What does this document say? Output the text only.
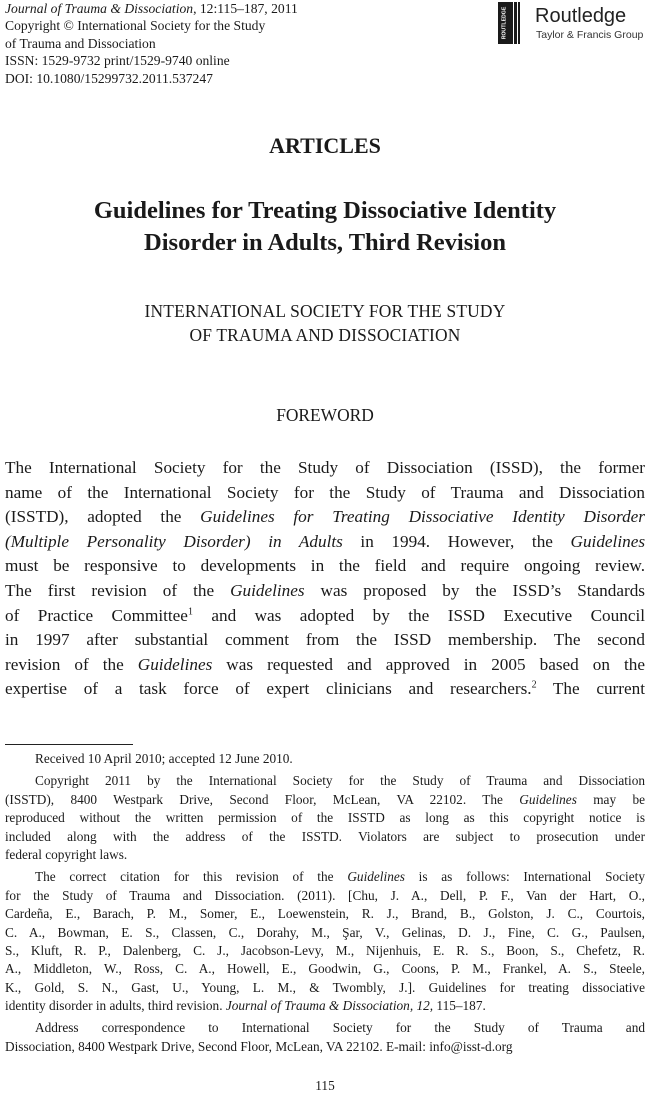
Journal of Trauma & Dissociation, 12:115–187, 2011
Copyright © International Society for the Study
of Trauma and Dissociation
ISSN: 1529-9732 print/1529-9740 online
DOI: 10.1080/15299732.2011.537247
ROUTLEDGE Routledge
Taylor & Francis Group
ARTICLES
Guidelines for Treating Dissociative Identity
Disorder in Adults, Third Revision
INTERNATIONAL SOCIETY FOR THE STUDY
OF TRAUMA AND DISSOCIATION
FOREWORD
The International Society for the Study of Dissociation (ISSD), the former
name of the International Society for the Study of Trauma and Dissociation
(ISSTD), adopted the Guidelines for Treating Dissociative Identity Disorder
(Multiple Personality Disorder) in Adults in 1994. However, the Guidelines
must be responsive to developments in the field and require ongoing review.
The first revision of the Guidelines was proposed by the ISSD’s Standards
of Practice Committee$^1$ and was adopted by the ISSD Executive Council
in 1997 after substantial comment from the ISSD membership. The second
revision of the Guidelines was requested and approved in 2005 based on the
expertise of a task force of expert clinicians and researchers.$^2$ The current
Received 10 April 2010; accepted 12 June 2010.
Copyright 2011 by the International Society for the Study of Trauma and Dissociation
(ISSTD), 8400 Westpark Drive, Second Floor, McLean, VA 22102. The Guidelines may be
reproduced without the written permission of the ISSTD as long as this copyright notice is
included along with the address of the ISSTD. Violators are subject to prosecution under
federal copyright laws.
The correct citation for this revision of the Guidelines is as follows: International Society
for the Study of Trauma and Dissociation. (2011). [Chu, J. A., Dell, P. F., Van der Hart, O.,
Cardeña, E., Barach, P. M., Somer, E., Loewenstein, R. J., Brand, B., Golston, J. C., Courtois,
C. A., Bowman, E. S., Classen, C., Dorahy, M., Şar, V., Gelinas, D. J., Fine, C. G., Paulsen,
S., Kluft, R. P., Dalenberg, C. J., Jacobson-Levy, M., Nijenhuis, E. R. S., Boon, S., Chefetz, R.
A., Middleton, W., Ross, C. A., Howell, E., Goodwin, G., Coons, P. M., Frankel, A. S., Steele,
K., Gold, S. N., Gast, U., Young, L. M., & Twombly, J.]. Guidelines for treating dissociative
identity disorder in adults, third revision. Journal of Trauma & Dissociation, 12, 115–187.
Address correspondence to International Society for the Study of Trauma and
Dissociation, 8400 Westpark Drive, Second Floor, McLean, VA 22102. E-mail: info@isst-d.org
115
